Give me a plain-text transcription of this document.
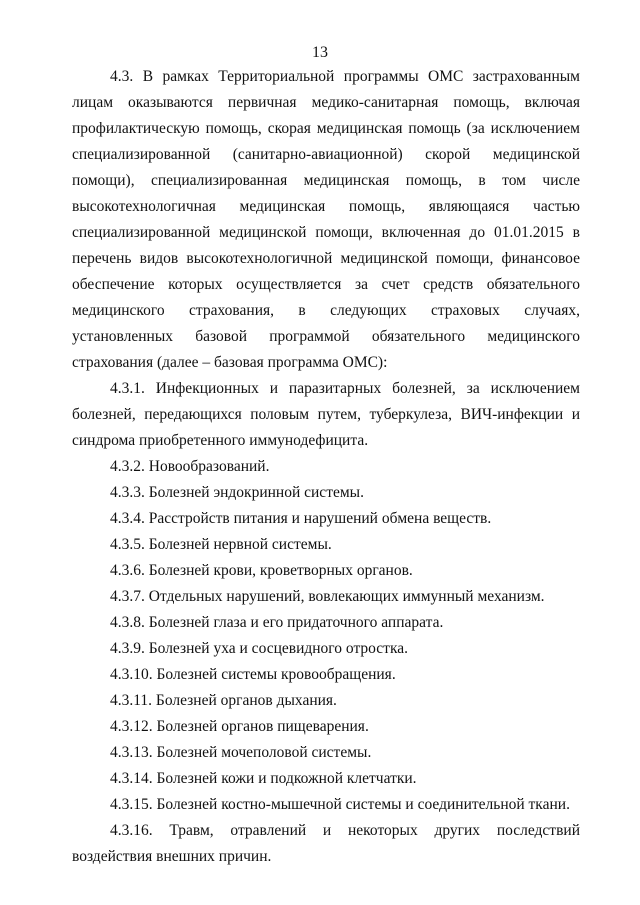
13

4.3. В рамках Территориальной программы ОМС застрахованным лицам оказываются первичная медико-санитарная помощь, включая профилактическую помощь, скорая медицинская помощь (за исключением специализированной (санитарно-авиационной) скорой медицинской помощи), специализированная медицинская помощь, в том числе высокотехнологичная медицинская помощь, являющаяся частью специализированной медицинской помощи, включенная до 01.01.2015 в перечень видов высокотехнологичной медицинской помощи, финансовое обеспечение которых осуществляется за счет средств обязательного медицинского страхования, в следующих страховых случаях, установленных базовой программой обязательного медицинского страхования (далее – базовая программа ОМС):

4.3.1. Инфекционных и паразитарных болезней, за исключением болезней, передающихся половым путем, туберкулеза, ВИЧ-инфекции и синдрома приобретенного иммунодефицита.

4.3.2. Новообразований.

4.3.3. Болезней эндокринной системы.

4.3.4. Расстройств питания и нарушений обмена веществ.

4.3.5. Болезней нервной системы.

4.3.6. Болезней крови, кроветворных органов.

4.3.7. Отдельных нарушений, вовлекающих иммунный механизм.

4.3.8. Болезней глаза и его придаточного аппарата.

4.3.9. Болезней уха и сосцевидного отростка.

4.3.10. Болезней системы кровообращения.

4.3.11. Болезней органов дыхания.

4.3.12. Болезней органов пищеварения.

4.3.13. Болезней мочеполовой системы.

4.3.14. Болезней кожи и подкожной клетчатки.

4.3.15. Болезней костно-мышечной системы и соединительной ткани.

4.3.16. Травм, отравлений и некоторых других последствий воздействия внешних причин.
